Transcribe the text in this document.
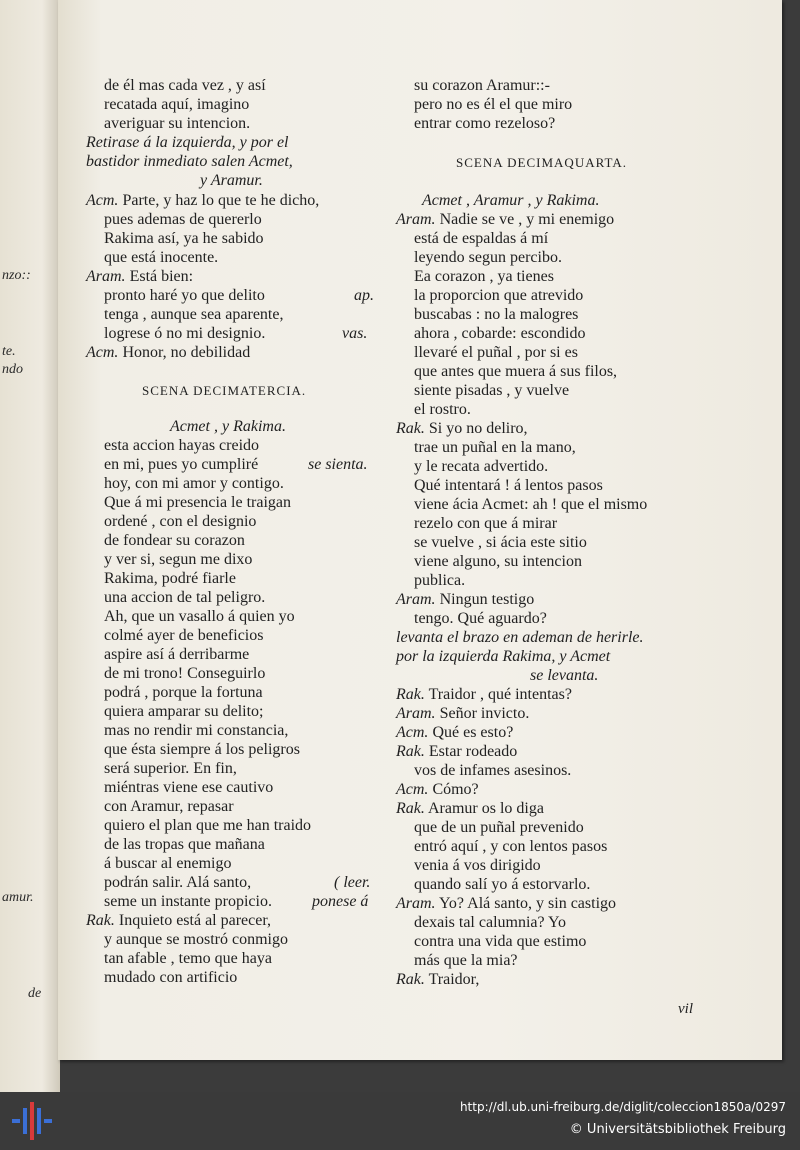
nzo::
te.
ndo
amur.
de
de él mas cada vez , y así
recatada aquí, imagino
averiguar su intencion.
Retirase á la izquierda, y por el
bastidor inmediato salen Acmet,
y Aramur.
Acm. Parte, y haz lo que te he dicho,
pues ademas de quererlo
Rakima así, ya he sabido
que está inocente.
Aram. Está bien:
pronto haré yo que delito
tenga , aunque sea aparente,
logrese ó no mi designio.
Acm. Honor, no debilidad
Acmet , y Rakima.
esta accion hayas creido
en mi, pues yo cumpliré
hoy, con mi amor y contigo.
Que á mi presencia le traigan
ordené , con el designio
de fondear su corazon
y ver si, segun me dixo
Rakima, podré fiarle
una accion de tal peligro.
Ah, que un vasallo á quien yo
colmé ayer de beneficios
aspire así á derribarme
de mi trono! Conseguirlo
podrá , porque la fortuna
quiera amparar su delito;
mas no rendir mi constancia,
que ésta siempre á los peligros
será superior. En fin,
miéntras viene ese cautivo
con Aramur, repasar
quiero el plan que me han traido
de las tropas que mañana
á buscar al enemigo
podrán salir. Alá santo,
seme un instante propicio.
Rak. Inquieto está al parecer,
y aunque se mostró conmigo
tan afable , temo que haya
mudado con artificio
SCENA DECIMATERCIA.
ap.
vas.
se sienta.
( leer.
ponese á
su corazon Aramur::-
pero no es él el que miro
entrar como rezeloso?
Acmet , Aramur , y Rakima.
Aram. Nadie se ve , y mi enemigo
está de espaldas á mí
leyendo segun percibo.
Ea corazon , ya tienes
la proporcion que atrevido
buscabas : no la malogres
ahora , cobarde: escondido
llevaré el puñal , por si es
que antes que muera á sus filos,
siente pisadas , y vuelve
el rostro.
Rak. Si yo no deliro,
trae un puñal en la mano,
y le recata advertido.
Qué intentará ! á lentos pasos
viene ácia Acmet: ah ! que el mismo
rezelo con que á mirar
se vuelve , si ácia este sitio
viene alguno, su intencion
publica.
Aram. Ningun testigo
tengo. Qué aguardo?
levanta el brazo en ademan de herirle.
por la izquierda Rakima, y Acmet
se levanta.
Rak. Traidor , qué intentas?
Aram. Señor invicto.
Acm. Qué es esto?
Rak. Estar rodeado
vos de infames asesinos.
Acm. Cómo?
Rak. Aramur os lo diga
que de un puñal prevenido
entró aquí , y con lentos pasos
venia á vos dirigido
quando salí yo á estorvarlo.
Aram. Yo? Alá santo, y sin castigo
dexais tal calumnia? Yo
contra una vida que estimo
más que la mia?
Rak. Traidor,
SCENA DECIMAQUARTA.
vil
http://dl.ub.uni-freiburg.de/diglit/coleccion1850a/0297
© Universitätsbibliothek Freiburg
